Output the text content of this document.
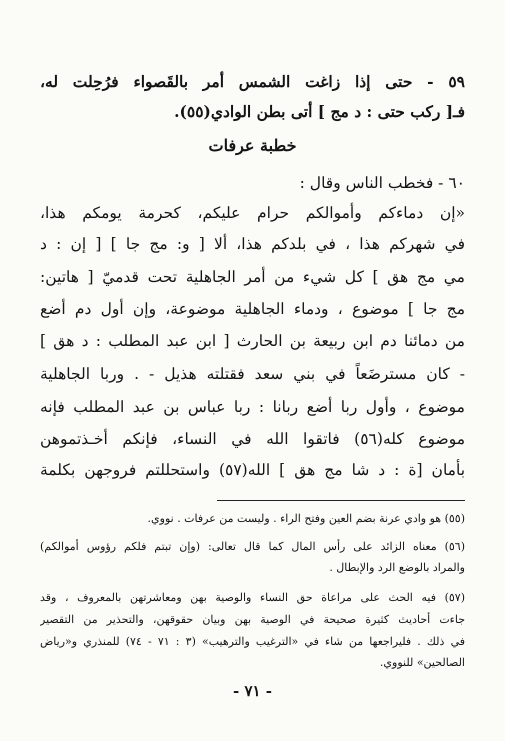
٥٩ - حتى إذا زاغت الشمس أمر بالقَصواء فرُحِلت له،
فـ[ ركب حتى : د مج ] أتى بطن الوادي(٥٥).
خطبة عرفات
٦٠ - فخطب الناس وقال :
«إن دماءكم وأموالكم حرام عليكم، كحرمة يومكم هذا،
في شهركم هذا ، في بلدكم هذا، ألا [ و: مج جا ] [ إن : د
مي مج هق ] كل شيء من أمر الجاهلية تحت قدميّ [ هاتين:
مج جا ] موضوع ، ودماء الجاهلية موضوعة، وإن أول دم أضع
من دمائنا دم ابن ربيعة بن الحارث [ ابن عبد المطلب : د هق ]
- كان مسترضَعاً في بني سعد فقتلته هذيل - . وربا الجاهلية
موضوع ، وأول ربا أضع ربانا : ربا عباس بن عبد المطلب فإنه
موضوع كله(٥٦) فاتقوا الله في النساء، فإنكم أخـذتموهن
بأمان [ة : د شا مج هق ] الله(٥٧) واستحللتم فروجهن بكلمة
(٥٥) هو وادي عرنة بضم العين وفتح الراء . وليست من عرفات . نووي.
(٥٦) معناه الزائد على رأس المال كما قال تعالى: (وإن تبتم فلكم رؤوس أموالكم)
والمراد بالوضع الرد والإبطال .
(٥٧) فيه الحث على مراعاة حق النساء والوصية بهن ومعاشرتهن بالمعروف ، وقد
جاءت أحاديث كثيرة صحيحة في الوصية بهن وبيان حقوقهن، والتحذير من التقصير
في ذلك . فليراجعها من شاء في «الترغيب والترهيب» (٣ : ٧١ - ٧٤) للمنذري و«رياض
الصالحين» للنووي.
- ٧١ -
